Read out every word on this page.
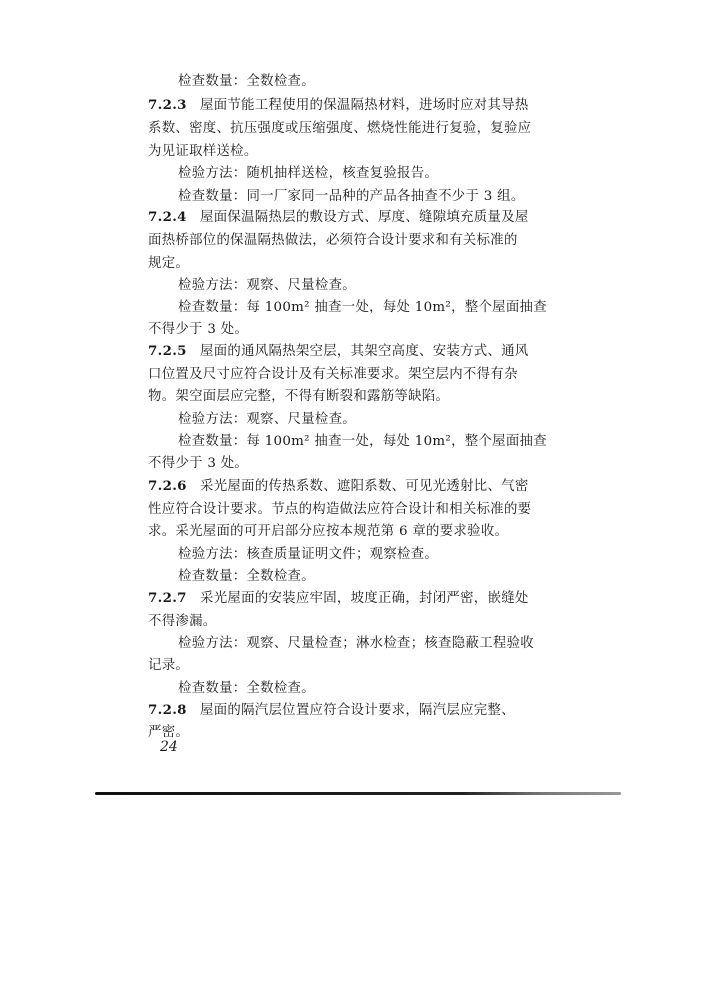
检查数量：全数检查。
7.2.3 屋面节能工程使用的保温隔热材料，进场时应对其导热
系数、密度、抗压强度或压缩强度、燃烧性能进行复验，复验应
为见证取样送检。
检验方法：随机抽样送检，核查复验报告。
检查数量：同一厂家同一品种的产品各抽查不少于 3 组。
7.2.4 屋面保温隔热层的敷设方式、厚度、缝隙填充质量及屋
面热桥部位的保温隔热做法，必须符合设计要求和有关标准的
规定。
检验方法：观察、尺量检查。
检查数量：每 100m² 抽查一处，每处 10m²，整个屋面抽查
不得少于 3 处。
7.2.5 屋面的通风隔热架空层，其架空高度、安装方式、通风
口位置及尺寸应符合设计及有关标准要求。架空层内不得有杂
物。架空面层应完整，不得有断裂和露筋等缺陷。
检验方法：观察、尺量检查。
检查数量：每 100m² 抽查一处，每处 10m²，整个屋面抽查
不得少于 3 处。
7.2.6 采光屋面的传热系数、遮阳系数、可见光透射比、气密
性应符合设计要求。节点的构造做法应符合设计和相关标准的要
求。采光屋面的可开启部分应按本规范第 6 章的要求验收。
检验方法：核查质量证明文件；观察检查。
检查数量：全数检查。
7.2.7 采光屋面的安装应牢固，坡度正确，封闭严密，嵌缝处
不得渗漏。
检验方法：观察、尺量检查；淋水检查；核查隐蔽工程验收
记录。
检查数量：全数检查。
7.2.8 屋面的隔汽层位置应符合设计要求，隔汽层应完整、
严密。
24
